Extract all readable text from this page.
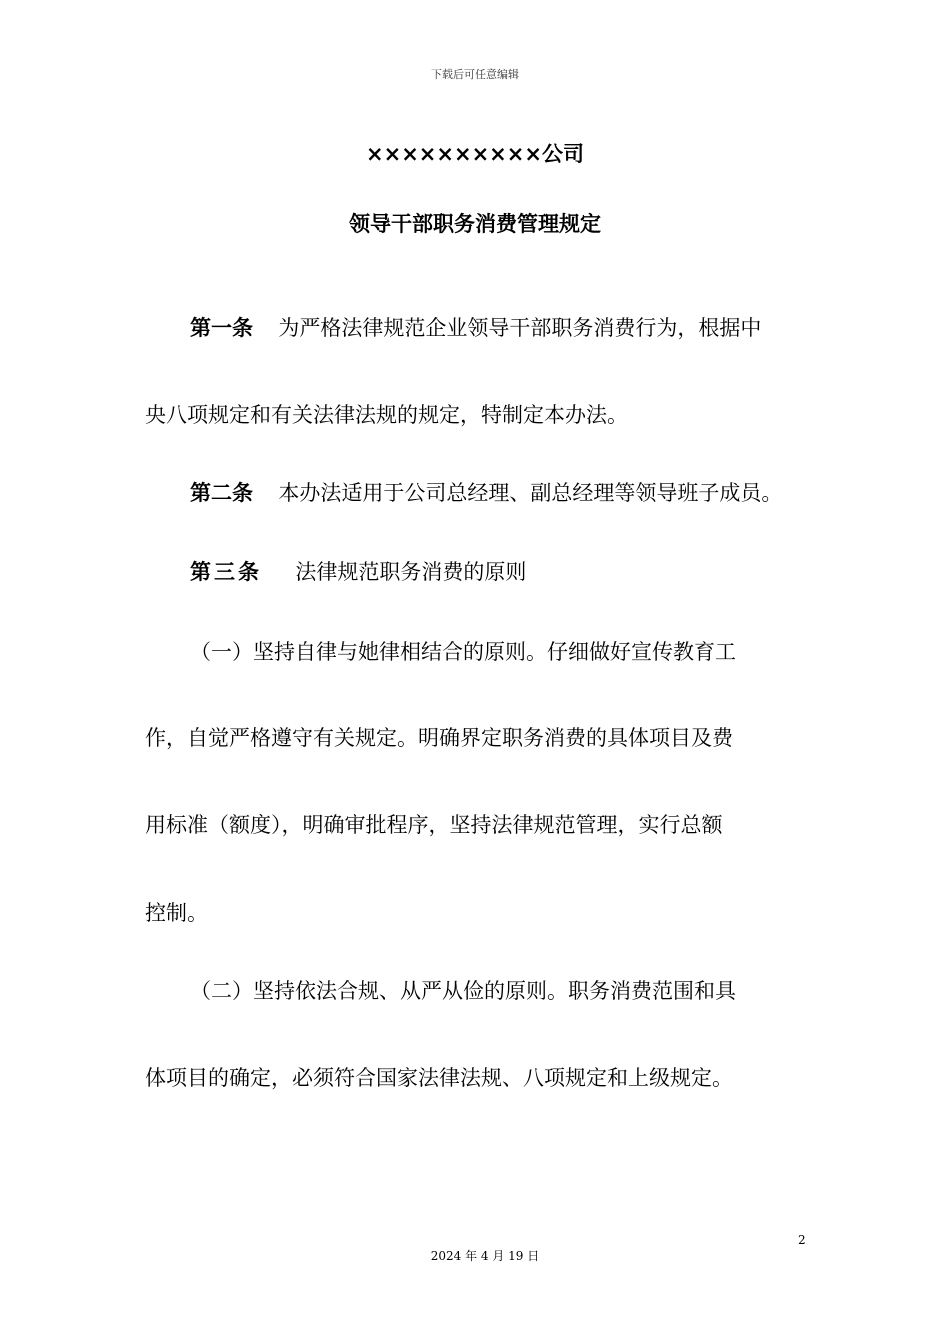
下载后可任意编辑
××××××××××公司
领导干部职务消费管理规定
第一条 为严格法律规范企业领导干部职务消费行为，根据中
央八项规定和有关法律法规的规定，特制定本办法。
第二条 本办法适用于公司总经理、副总经理等领导班子成员。
第三条 法律规范职务消费的原则
（一）坚持自律与她律相结合的原则。仔细做好宣传教育工
作，自觉严格遵守有关规定。明确界定职务消费的具体项目及费
用标准（额度），明确审批程序，坚持法律规范管理，实行总额
控制。
（二）坚持依法合规、从严从俭的原则。职务消费范围和具
体项目的确定，必须符合国家法律法规、八项规定和上级规定。
2
2024 年 4 月 19 日
